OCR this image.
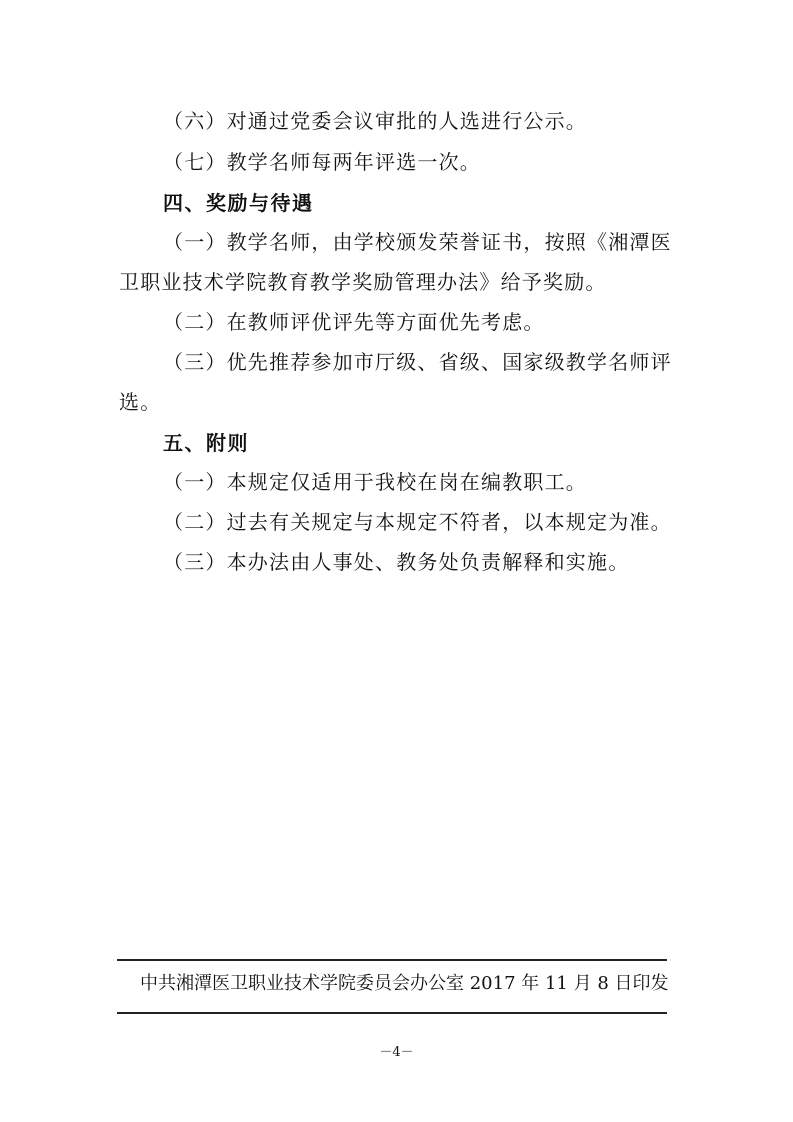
（六）对通过党委会议审批的人选进行公示。
（七）教学名师每两年评选一次。
四、奖励与待遇
（一）教学名师，由学校颁发荣誉证书，按照《湘潭医
卫职业技术学院教育教学奖励管理办法》给予奖励。
（二）在教师评优评先等方面优先考虑。
（三）优先推荐参加市厅级、省级、国家级教学名师评
选。
五、附则
（一）本规定仅适用于我校在岗在编教职工。
（二）过去有关规定与本规定不符者，以本规定为准。
（三）本办法由人事处、教务处负责解释和实施。
中共湘潭医卫职业技术学院委员会办公室 2017 年 11 月 8 日印发
－4－
